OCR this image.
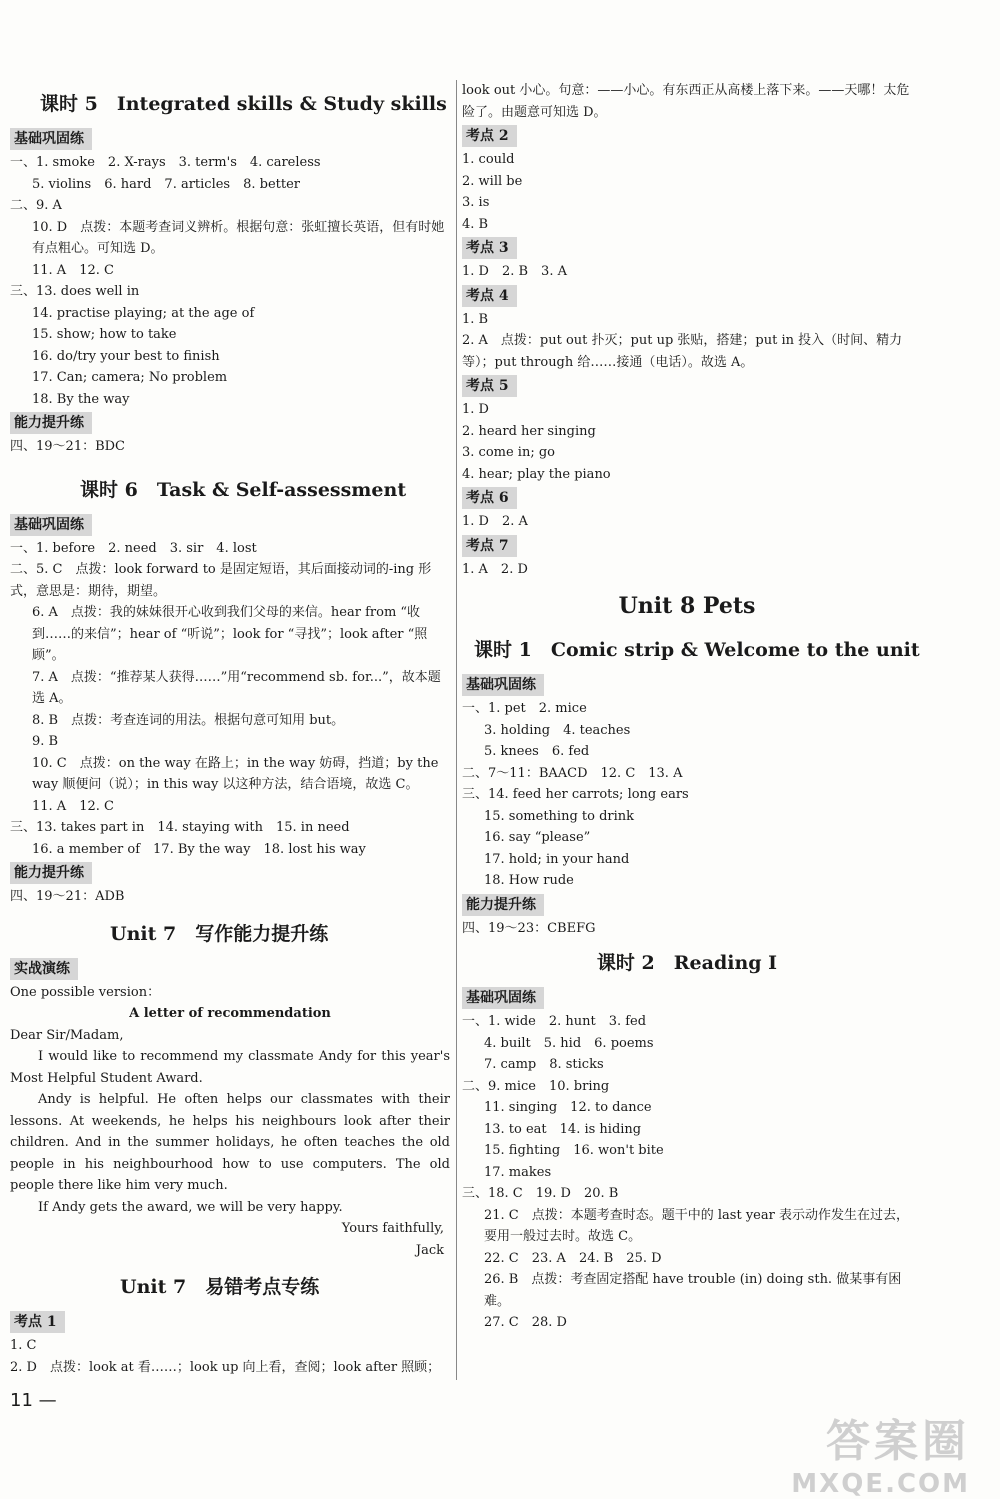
课时 5　Integrated skills & Study skills
基础巩固练
一、1. smoke　2. X-rays　3. term's　4. careless
5. violins　6. hard　7. articles　8. better
二、9. A
10. D　点拨：本题考查词义辨析。根据句意：张虹擅长英语，但有时她有点粗心。可知选 D。
11. A　12. C
三、13. does well in
14. practise playing; at the age of
15. show; how to take
16. do/try your best to finish
17. Can; camera; No problem
18. By the way
能力提升练
四、19～21：BDC
课时 6　Task & Self-assessment
基础巩固练
一、1. before　2. need　3. sir　4. lost
二、5. C　点拨：look forward to 是固定短语，其后面接动词的-ing 形式，意思是：期待，期望。
6. A　点拨：我的妹妹很开心收到我们父母的来信。hear from “收到……的来信”；hear of “听说”；look for “寻找”；look after “照顾”。
7. A　点拨：“推荐某人获得……”用“recommend sb. for...”，故本题选 A。
8. B　点拨：考查连词的用法。根据句意可知用 but。
9. B
10. C　点拨：on the way 在路上；in the way 妨碍，挡道；by the way 顺便问（说）；in this way 以这种方法，结合语境，故选 C。
11. A　12. C
三、13. takes part in　14. staying with　15. in need
16. a member of　17. By the way　18. lost his way
能力提升练
四、19～21：ADB
Unit 7　写作能力提升练
实战演练
One possible version：
A letter of recommendation
Dear Sir/Madam,
I would like to recommend my classmate Andy for this year's Most Helpful Student Award.
Andy is helpful. He often helps our classmates with their lessons. At weekends, he helps his neighbours look after their children. And in the summer holidays, he often teaches the old people in his neighbourhood how to use computers. The old people there like him very much.
If Andy gets the award, we will be very happy.
Yours faithfully,
Jack
Unit 7　易错考点专练
考点 1
1. C
2. D　点拨：look at 看……；look up 向上看，查阅；look after 照顾；
look out 小心。句意：——小心。有东西正从高楼上落下来。——天哪！太危险了。由题意可知选 D。
考点 2
1. could
2. will be
3. is
4. B
考点 3
1. D　2. B　3. A
考点 4
1. B
2. A　点拨：put out 扑灭；put up 张贴，搭建；put in 投入（时间、精力等）；put through 给……接通（电话）。故选 A。
考点 5
1. D
2. heard her singing
3. come in; go
4. hear; play the piano
考点 6
1. D　2. A
考点 7
1. A　2. D
Unit 8 Pets
课时 1　Comic strip & Welcome to the unit
基础巩固练
一、1. pet　2. mice
3. holding　4. teaches
5. knees　6. fed
二、7～11：BAACD　12. C　13. A
三、14. feed her carrots; long ears
15. something to drink
16. say “please”
17. hold; in your hand
18. How rude
能力提升练
四、19～23：CBEFG
课时 2　Reading I
基础巩固练
一、1. wide　2. hunt　3. fed
4. built　5. hid　6. poems
7. camp　8. sticks
二、9. mice　10. bring
11. singing　12. to dance
13. to eat　14. is hiding
15. fighting　16. won't bite
17. makes
三、18. C　19. D　20. B
21. C　点拨：本题考查时态。题干中的 last year 表示动作发生在过去，要用一般过去时。故选 C。
22. C　23. A　24. B　25. D
26. B　点拨：考查固定搭配 have trouble (in) doing sth. 做某事有困难。
27. C　28. D
11 —
答案圈
MXQE.COM
